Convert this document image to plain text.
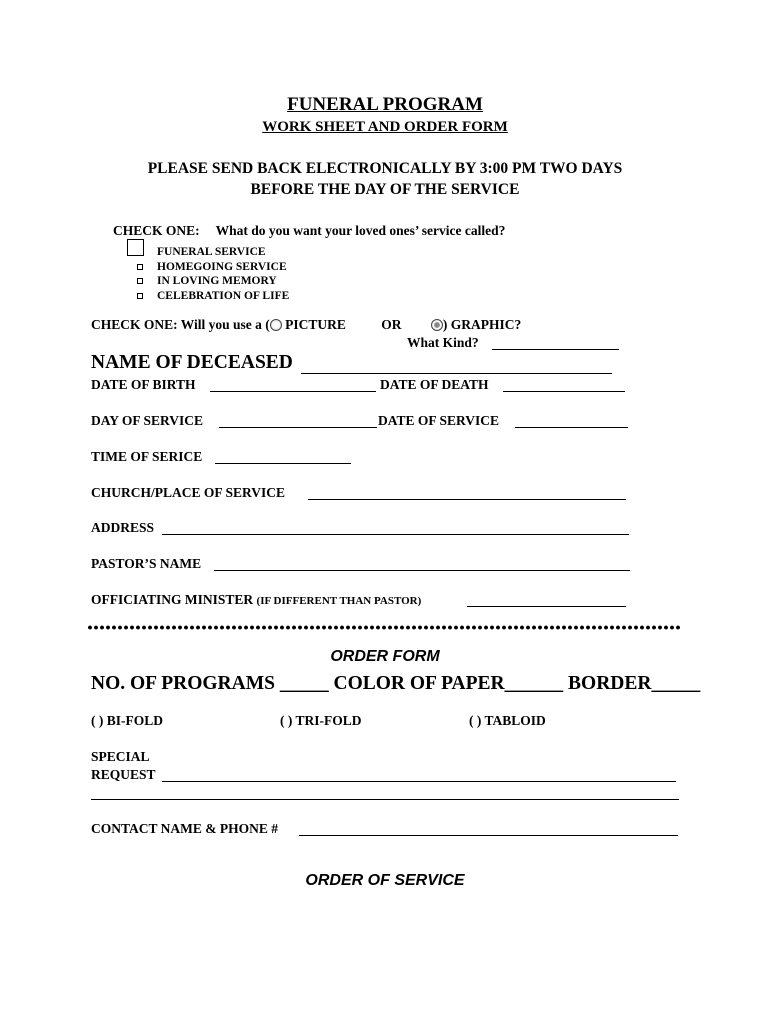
FUNERAL PROGRAM
WORK SHEET AND ORDER FORM
PLEASE SEND BACK ELECTRONICALLY BY 3:00 PM TWO DAYS
BEFORE THE DAY OF THE SERVICE
CHECK ONE: What do you want your loved ones’ service called?
FUNERAL SERVICE
HOMEGOING SERVICE
IN LOVING MEMORY
CELEBRATION OF LIFE
CHECK ONE: Will you use a ( PICTURE	OR	) GRAPHIC?
What Kind?
NAME OF DECEASED
DATE OF BIRTH	DATE OF DEATH
DAY OF SERVICE	DATE OF SERVICE
TIME OF SERICE
CHURCH/PLACE OF SERVICE
ADDRESS
PASTOR’S NAME
OFFICIATING MINISTER (IF DIFFERENT THAN PASTOR)
ORDER FORM
NO. OF PROGRAMS _____ COLOR OF PAPER______ BORDER_____
( ) BI-FOLD	( ) TRI-FOLD	( ) TABLOID
SPECIAL
REQUEST
CONTACT NAME & PHONE #
ORDER OF SERVICE
